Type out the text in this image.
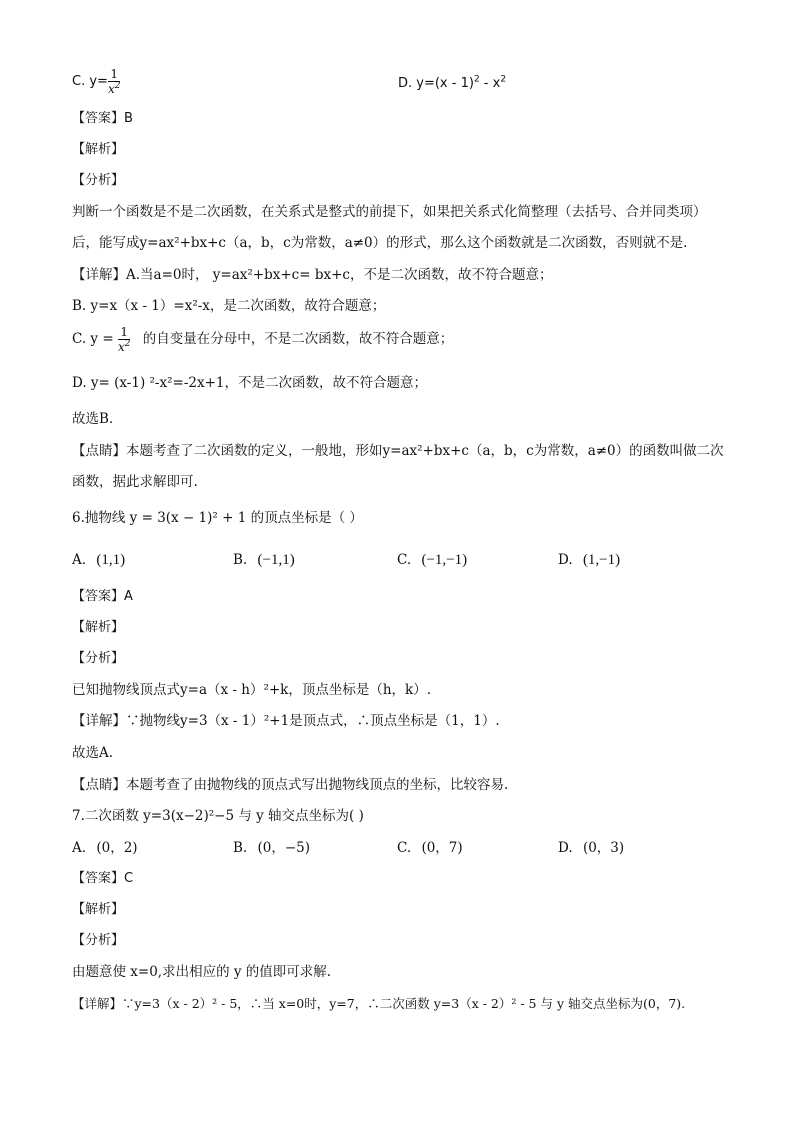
C. $y= \frac{1}{x^2}$	D. $y=(x - 1)^2 - x^2$
【答案】B
【解析】
【分析】
判断一个函数是不是二次函数，在关系式是整式的前提下，如果把关系式化简整理（去括号、合并同类项）
后，能写成y=ax²+bx+c（a，b，c为常数，a≠0）的形式，那么这个函数就是二次函数，否则就不是.
【详解】A.当a=0时， y=ax²+bx+c= bx+c，不是二次函数，故不符合题意；
B. y=x（x - 1）=x²-x，是二次函数，故符合题意；
C. $y = \frac{1}{x^2}$ 的自变量在分母中，不是二次函数，故不符合题意；
D. y= (x-1) ²-x²=-2x+1，不是二次函数，故不符合题意；
故选B.
【点睛】本题考查了二次函数的定义，一般地，形如y=ax²+bx+c（a，b，c为常数，a≠0）的函数叫做二次
函数，据此求解即可.
6.抛物线 y = 3(x − 1)² + 1 的顶点坐标是（ ）
A. (1,1)	B. (−1,1)	C. (−1,−1)	D. (1,−1)
【答案】A
【解析】
【分析】
已知抛物线顶点式y=a（x - h）²+k，顶点坐标是（h，k）.
【详解】∵抛物线y=3（x - 1）²+1是顶点式，∴顶点坐标是（1，1）.
故选A.
【点睛】本题考查了由抛物线的顶点式写出抛物线顶点的坐标，比较容易.
7.二次函数 y=3(x−2)²−5 与 y 轴交点坐标为( )
A. (0，2)	B. (0，−5)	C. (0，7)	D. (0，3)
【答案】C
【解析】
【分析】
由题意使 x=0,求出相应的 y 的值即可求解.
【详解】∵y=3（x - 2）² - 5，∴当 x=0时，y=7，∴二次函数 y=3（x - 2）² - 5 与 y 轴交点坐标为(0，7).
